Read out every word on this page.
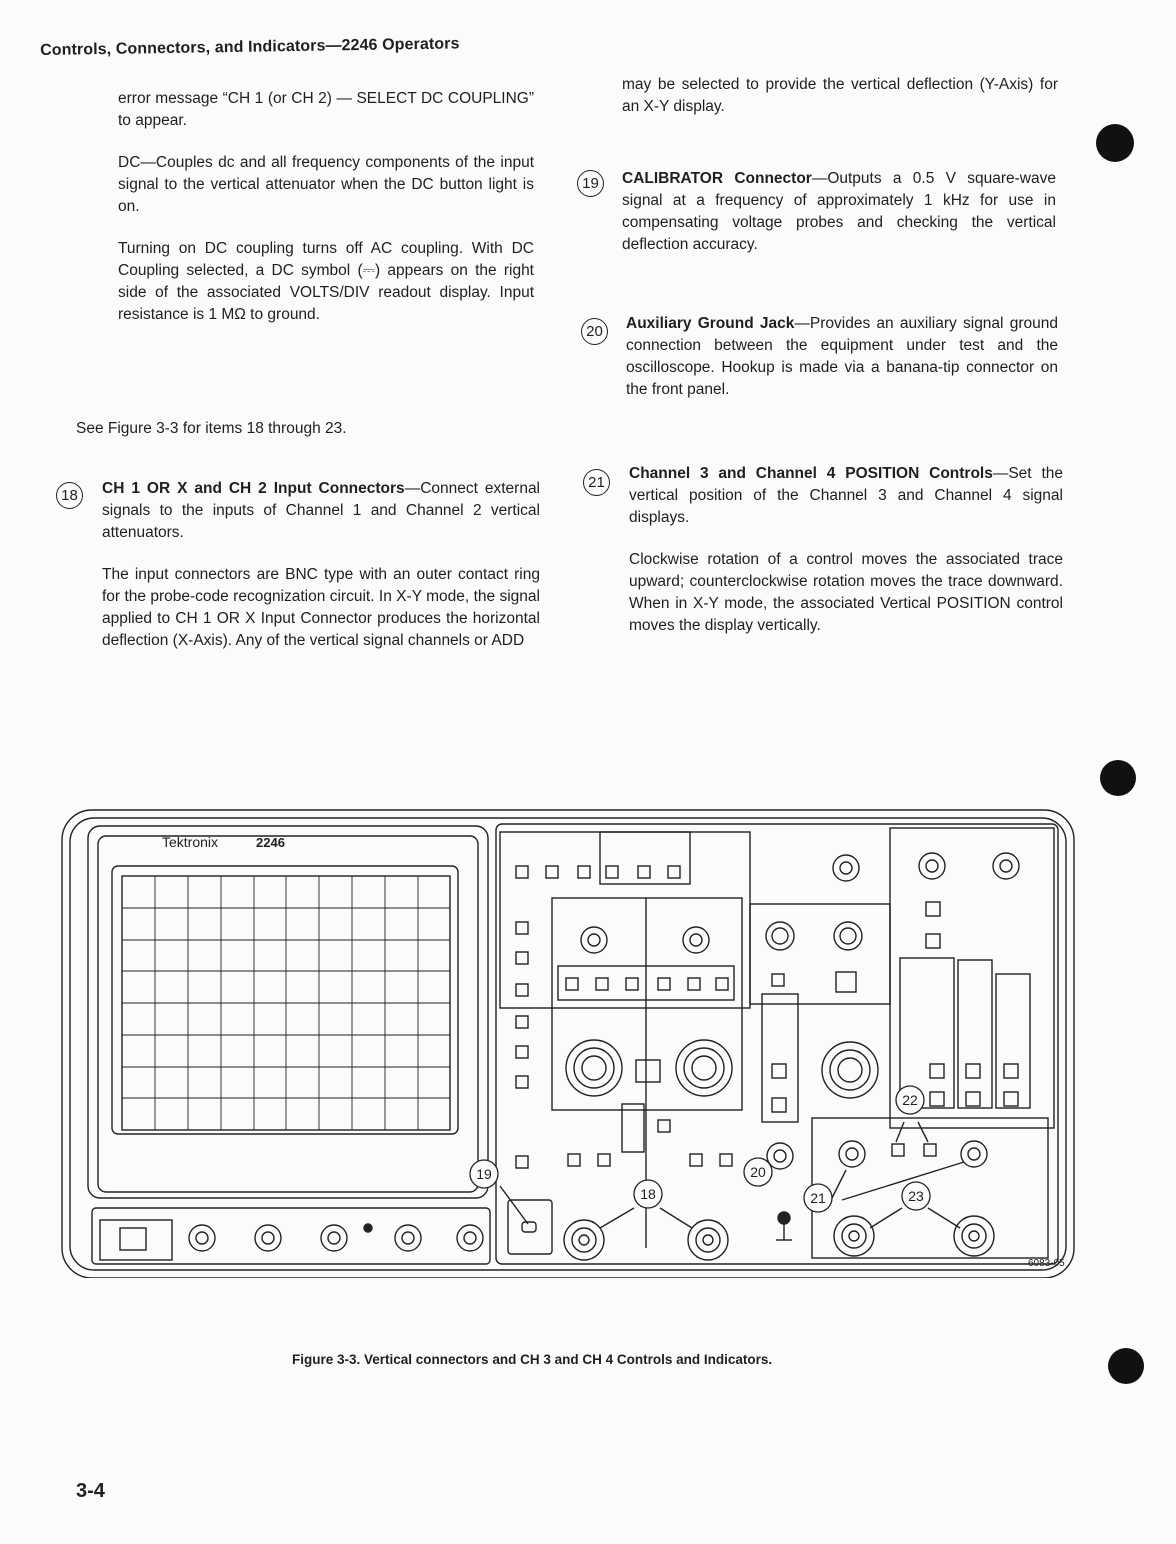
Controls, Connectors, and Indicators—2246 Operators

error message “CH 1 (or CH 2) — SELECT DC COUPLING” to appear.

DC—Couples dc and all frequency components of the input signal to the vertical attenuator when the DC button light is on.

Turning on DC coupling turns off AC coupling. With DC Coupling selected, a DC symbol (⎓) appears on the right side of the associated VOLTS/DIV readout display. Input resistance is 1 MΩ to ground.

See Figure 3-3 for items 18 through 23.
18	CH 1 OR X and CH 2 Input Connectors—Connect external signals to the inputs of Channel 1 and Channel 2 vertical attenuators.

The input connectors are BNC type with an outer contact ring for the probe-code recognization circuit. In X-Y mode, the signal applied to CH 1 OR X Input Connector produces the horizontal deflection (X-Axis). Any of the vertical signal channels or ADD

may be selected to provide the vertical deflection (Y-Axis) for an X-Y display.

19	CALIBRATOR Connector—Outputs a 0.5 V square-wave signal at a frequency of approximately 1 kHz for use in compensating voltage probes and checking the vertical deflection accuracy.

20	Auxiliary Ground Jack—Provides an auxiliary signal ground connection between the equipment under test and the oscilloscope. Hookup is made via a banana-tip connector on the front panel.

21

Channel 3 and Channel 4 POSITION Controls—Set the vertical position of the Channel 3 and Channel 4 signal displays.

Clockwise rotation of a control moves the associated trace upward; counterclockwise rotation moves the trace downward. When in X-Y mode, the associated Vertical POSITION control moves the display vertically.

Tektronix	2246
18
19	20
21
22
23
6083-05
Figure 3-3. Vertical connectors and CH 3 and CH 4 Controls and Indicators.
3-4
